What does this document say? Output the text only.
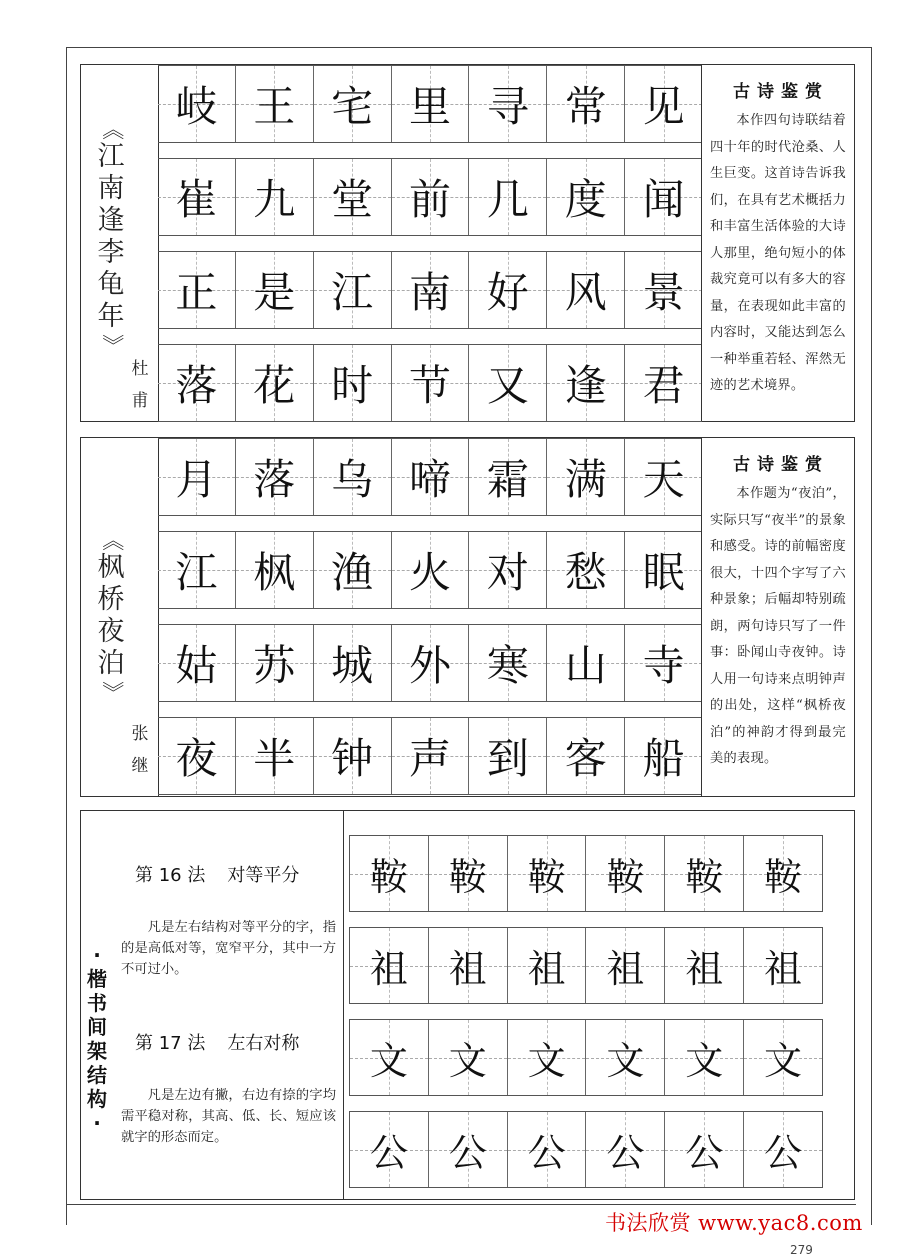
《
江
南
逢
李
龟
年
》
杜
甫
岐 王 宅 里 寻 常 见
崔 九 堂 前 几 度 闻
正 是 江 南 好 风 景
落 花 时 节 又 逢 君
古诗鉴赏
本作四句诗联结着四十年的时代沧桑、人生巨变。这首诗告诉我们，在具有艺术概括力和丰富生活体验的大诗人那里，绝句短小的体裁究竟可以有多大的容量，在表现如此丰富的内容时，又能达到怎么一种举重若轻、浑然无迹的艺术境界。
《
枫
桥
夜
泊
》
张
继
月 落 乌 啼 霜 满 天
江 枫 渔 火 对 愁 眠
姑 苏 城 外 寒 山 寺
夜 半 钟 声 到 客 船
古诗鉴赏
本作题为“夜泊”，实际只写“夜半”的景象和感受。诗的前幅密度很大，十四个字写了六种景象；后幅却特别疏朗，两句诗只写了一件事：卧闻山寺夜钟。诗人用一句诗来点明钟声的出处，这样“枫桥夜泊”的神韵才得到最完美的表现。
·
楷
书
间
架
结
构
·
第 16 法 对等平分
凡是左右结构对等平分的字，指的是高低对等，宽窄平分，其中一方不可过小。
第 17 法 左右对称
凡是左边有撇，右边有捺的字均需平稳对称，其高、低、长、短应该就字的形态而定。
鞍 鞍 鞍 鞍 鞍 鞍
祖 祖 祖 祖 祖 祖
文 文 文 文 文 文
公 公 公 公 公 公
书法欣赏 www.yac8.com
279
